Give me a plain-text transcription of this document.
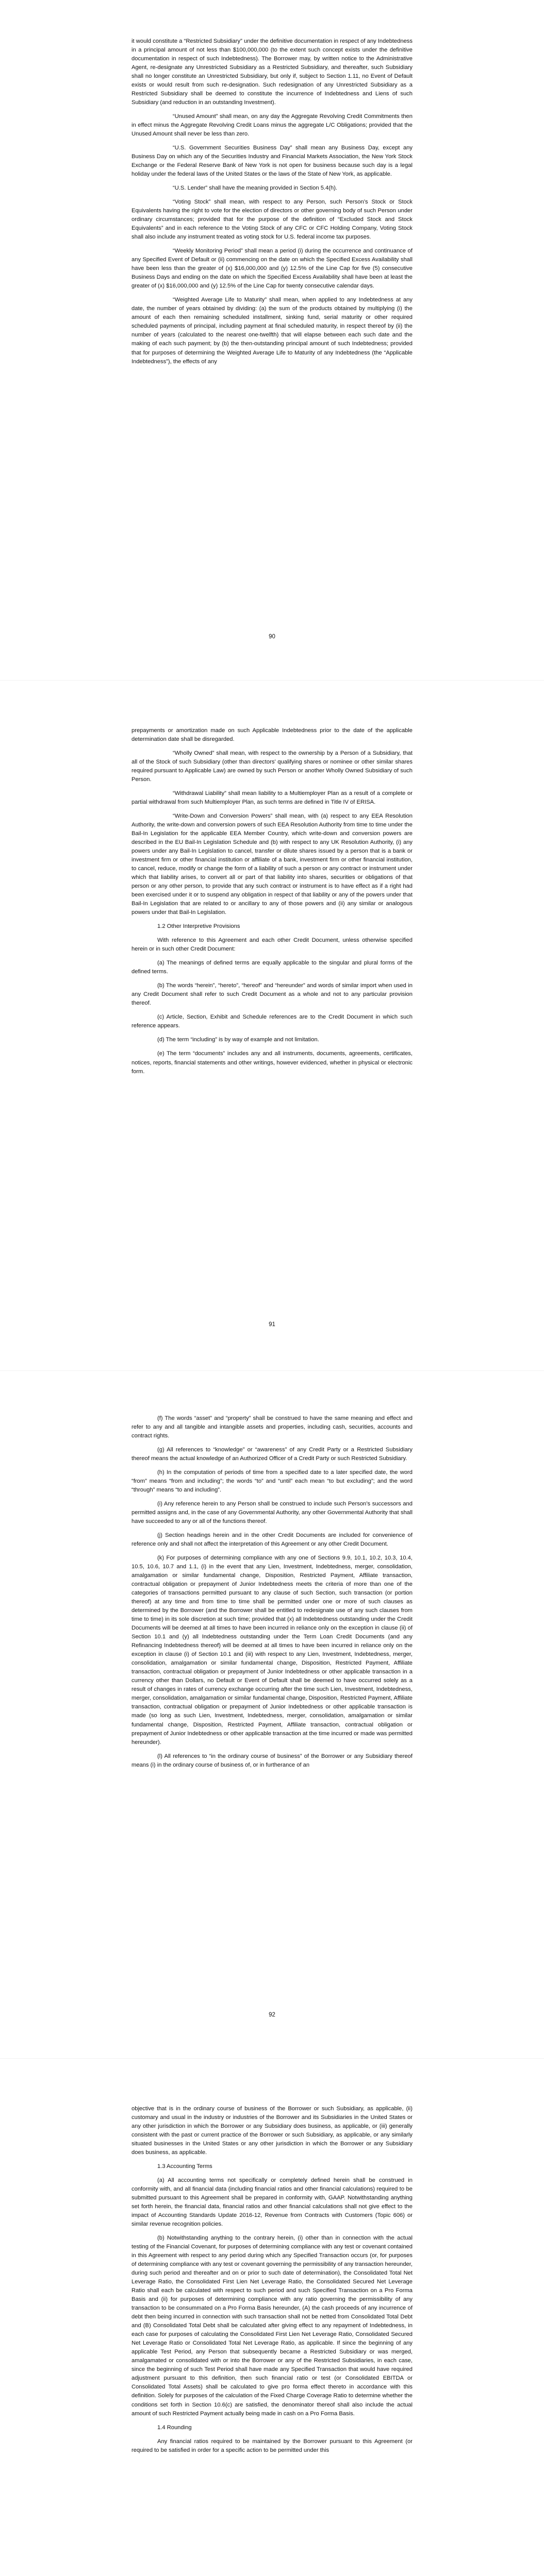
it would constitute a “Restricted Subsidiary” under the definitive documentation in respect of any Indebtedness in a principal amount of not less than $100,000,000 (to the extent such concept exists under the definitive documentation in respect of such Indebtedness). The Borrower may, by written notice to the Administrative Agent, re-designate any Unrestricted Subsidiary as a Restricted Subsidiary, and thereafter, such Subsidiary shall no longer constitute an Unrestricted Subsidiary, but only if, subject to Section 1.11, no Event of Default exists or would result from such re-designation. Such redesignation of any Unrestricted Subsidiary as a Restricted Subsidiary shall be deemed to constitute the incurrence of Indebtedness and Liens of such Subsidiary (and reduction in an outstanding Investment).

“Unused Amount” shall mean, on any day the Aggregate Revolving Credit Commitments then in effect minus the Aggregate Revolving Credit Loans minus the aggregate L/C Obligations; provided that the Unused Amount shall never be less than zero.

“U.S. Government Securities Business Day” shall mean any Business Day, except any Business Day on which any of the Securities Industry and Financial Markets Association, the New York Stock Exchange or the Federal Reserve Bank of New York is not open for business because such day is a legal holiday under the federal laws of the United States or the laws of the State of New York, as applicable.

“U.S. Lender” shall have the meaning provided in Section 5.4(h).

“Voting Stock” shall mean, with respect to any Person, such Person’s Stock or Stock Equivalents having the right to vote for the election of directors or other governing body of such Person under ordinary circumstances; provided that for the purpose of the definition of “Excluded Stock and Stock Equivalents” and in each reference to the Voting Stock of any CFC or CFC Holding Company, Voting Stock shall also include any instrument treated as voting stock for U.S. federal income tax purposes.

“Weekly Monitoring Period” shall mean a period (i) during the occurrence and continuance of any Specified Event of Default or (ii) commencing on the date on which the Specified Excess Availability shall have been less than the greater of (x) $16,000,000 and (y) 12.5% of the Line Cap for five (5) consecutive Business Days and ending on the date on which the Specified Excess Availability shall have been at least the greater of (x) $16,000,000 and (y) 12.5% of the Line Cap for twenty consecutive calendar days.

“Weighted Average Life to Maturity” shall mean, when applied to any Indebtedness at any date, the number of years obtained by dividing: (a) the sum of the products obtained by multiplying (i) the amount of each then remaining scheduled installment, sinking fund, serial maturity or other required scheduled payments of principal, including payment at final scheduled maturity, in respect thereof by (ii) the number of years (calculated to the nearest one-twelfth) that will elapse between each such date and the making of each such payment; by (b) the then-outstanding principal amount of such Indebtedness; provided that for purposes of determining the Weighted Average Life to Maturity of any Indebtedness (the “Applicable Indebtedness”), the effects of any

90

prepayments or amortization made on such Applicable Indebtedness prior to the date of the applicable determination date shall be disregarded.

“Wholly Owned” shall mean, with respect to the ownership by a Person of a Subsidiary, that all of the Stock of such Subsidiary (other than directors’ qualifying shares or nominee or other similar shares required pursuant to Applicable Law) are owned by such Person or another Wholly Owned Subsidiary of such Person.

“Withdrawal Liability” shall mean liability to a Multiemployer Plan as a result of a complete or partial withdrawal from such Multiemployer Plan, as such terms are defined in Title IV of ERISA.

“Write-Down and Conversion Powers” shall mean, with (a) respect to any EEA Resolution Authority, the write-down and conversion powers of such EEA Resolution Authority from time to time under the Bail-In Legislation for the applicable EEA Member Country, which write-down and conversion powers are described in the EU Bail-In Legislation Schedule and (b) with respect to any UK Resolution Authority, (i) any powers under any Bail-In Legislation to cancel, transfer or dilute shares issued by a person that is a bank or investment firm or other financial institution or affiliate of a bank, investment firm or other financial institution, to cancel, reduce, modify or change the form of a liability of such a person or any contract or instrument under which that liability arises, to convert all or part of that liability into shares, securities or obligations of that person or any other person, to provide that any such contract or instrument is to have effect as if a right had been exercised under it or to suspend any obligation in respect of that liability or any of the powers under that Bail-In Legislation that are related to or ancillary to any of those powers and (ii) any similar or analogous powers under that Bail-In Legislation.

1.2 Other Interpretive Provisions

With reference to this Agreement and each other Credit Document, unless otherwise specified herein or in such other Credit Document:

(a) The meanings of defined terms are equally applicable to the singular and plural forms of the defined terms.

(b) The words “herein”, “hereto”, “hereof” and “hereunder” and words of similar import when used in any Credit Document shall refer to such Credit Document as a whole and not to any particular provision thereof.

(c) Article, Section, Exhibit and Schedule references are to the Credit Document in which such reference appears.

(d) The term “including” is by way of example and not limitation.

(e) The term “documents” includes any and all instruments, documents, agreements, certificates, notices, reports, financial statements and other writings, however evidenced, whether in physical or electronic form.

91

(f) The words “asset” and “property” shall be construed to have the same meaning and effect and refer to any and all tangible and intangible assets and properties, including cash, securities, accounts and contract rights.

(g) All references to “knowledge” or “awareness” of any Credit Party or a Restricted Subsidiary thereof means the actual knowledge of an Authorized Officer of a Credit Party or such Restricted Subsidiary.

(h) In the computation of periods of time from a specified date to a later specified date, the word “from” means “from and including”; the words “to” and “until” each mean “to but excluding”; and the word “through” means “to and including”.

(i) Any reference herein to any Person shall be construed to include such Person’s successors and permitted assigns and, in the case of any Governmental Authority, any other Governmental Authority that shall have succeeded to any or all of the functions thereof.

(j) Section headings herein and in the other Credit Documents are included for convenience of reference only and shall not affect the interpretation of this Agreement or any other Credit Document.

(k) For purposes of determining compliance with any one of Sections 9.9, 10.1, 10.2, 10.3, 10.4, 10.5, 10.6, 10.7 and 1.1, (i) in the event that any Lien, Investment, Indebtedness, merger, consolidation, amalgamation or similar fundamental change, Disposition, Restricted Payment, Affiliate transaction, contractual obligation or prepayment of Junior Indebtedness meets the criteria of more than one of the categories of transactions permitted pursuant to any clause of such Section, such transaction (or portion thereof) at any time and from time to time shall be permitted under one or more of such clauses as determined by the Borrower (and the Borrower shall be entitled to redesignate use of any such clauses from time to time) in its sole discretion at such time; provided that (x) all Indebtedness outstanding under the Credit Documents will be deemed at all times to have been incurred in reliance only on the exception in clause (ii) of Section 10.1 and (y) all Indebtedness outstanding under the Term Loan Credit Documents (and any Refinancing Indebtedness thereof) will be deemed at all times to have been incurred in reliance only on the exception in clause (i) of Section 10.1 and (iii) with respect to any Lien, Investment, Indebtedness, merger, consolidation, amalgamation or similar fundamental change, Disposition, Restricted Payment, Affiliate transaction, contractual obligation or prepayment of Junior Indebtedness or other applicable transaction in a currency other than Dollars, no Default or Event of Default shall be deemed to have occurred solely as a result of changes in rates of currency exchange occurring after the time such Lien, Investment, Indebtedness, merger, consolidation, amalgamation or similar fundamental change, Disposition, Restricted Payment, Affiliate transaction, contractual obligation or prepayment of Junior Indebtedness or other applicable transaction is made (so long as such Lien, Investment, Indebtedness, merger, consolidation, amalgamation or similar fundamental change, Disposition, Restricted Payment, Affiliate transaction, contractual obligation or prepayment of Junior Indebtedness or other applicable transaction at the time incurred or made was permitted hereunder).

(l) All references to “in the ordinary course of business” of the Borrower or any Subsidiary thereof means (i) in the ordinary course of business of, or in furtherance of an

92

objective that is in the ordinary course of business of the Borrower or such Subsidiary, as applicable, (ii) customary and usual in the industry or industries of the Borrower and its Subsidiaries in the United States or any other jurisdiction in which the Borrower or any Subsidiary does business, as applicable, or (iii) generally consistent with the past or current practice of the Borrower or such Subsidiary, as applicable, or any similarly situated businesses in the United States or any other jurisdiction in which the Borrower or any Subsidiary does business, as applicable.

1.3 Accounting Terms

(a) All accounting terms not specifically or completely defined herein shall be construed in conformity with, and all financial data (including financial ratios and other financial calculations) required to be submitted pursuant to this Agreement shall be prepared in conformity with, GAAP. Notwithstanding anything set forth herein, the financial data, financial ratios and other financial calculations shall not give effect to the impact of Accounting Standards Update 2016-12, Revenue from Contracts with Customers (Topic 606) or similar revenue recognition policies.

(b) Notwithstanding anything to the contrary herein, (i) other than in connection with the actual testing of the Financial Covenant, for purposes of determining compliance with any test or covenant contained in this Agreement with respect to any period during which any Specified Transaction occurs (or, for purposes of determining compliance with any test or covenant governing the permissibility of any transaction hereunder, during such period and thereafter and on or prior to such date of determination), the Consolidated Total Net Leverage Ratio, the Consolidated First Lien Net Leverage Ratio, the Consolidated Secured Net Leverage Ratio shall each be calculated with respect to such period and such Specified Transaction on a Pro Forma Basis and (ii) for purposes of determining compliance with any ratio governing the permissibility of any transaction to be consummated on a Pro Forma Basis hereunder, (A) the cash proceeds of any incurrence of debt then being incurred in connection with such transaction shall not be netted from Consolidated Total Debt and (B) Consolidated Total Debt shall be calculated after giving effect to any repayment of Indebtedness, in each case for purposes of calculating the Consolidated First Lien Net Leverage Ratio, Consolidated Secured Net Leverage Ratio or Consolidated Total Net Leverage Ratio, as applicable. If since the beginning of any applicable Test Period, any Person that subsequently became a Restricted Subsidiary or was merged, amalgamated or consolidated with or into the Borrower or any of the Restricted Subsidiaries, in each case, since the beginning of such Test Period shall have made any Specified Transaction that would have required adjustment pursuant to this definition, then such financial ratio or test (or Consolidated EBITDA or Consolidated Total Assets) shall be calculated to give pro forma effect thereto in accordance with this definition. Solely for purposes of the calculation of the Fixed Charge Coverage Ratio to determine whether the conditions set forth in Section 10.6(c) are satisfied, the denominator thereof shall also include the actual amount of such Restricted Payment actually being made in cash on a Pro Forma Basis.

1.4 Rounding

Any financial ratios required to be maintained by the Borrower pursuant to this Agreement (or required to be satisfied in order for a specific action to be permitted under this
